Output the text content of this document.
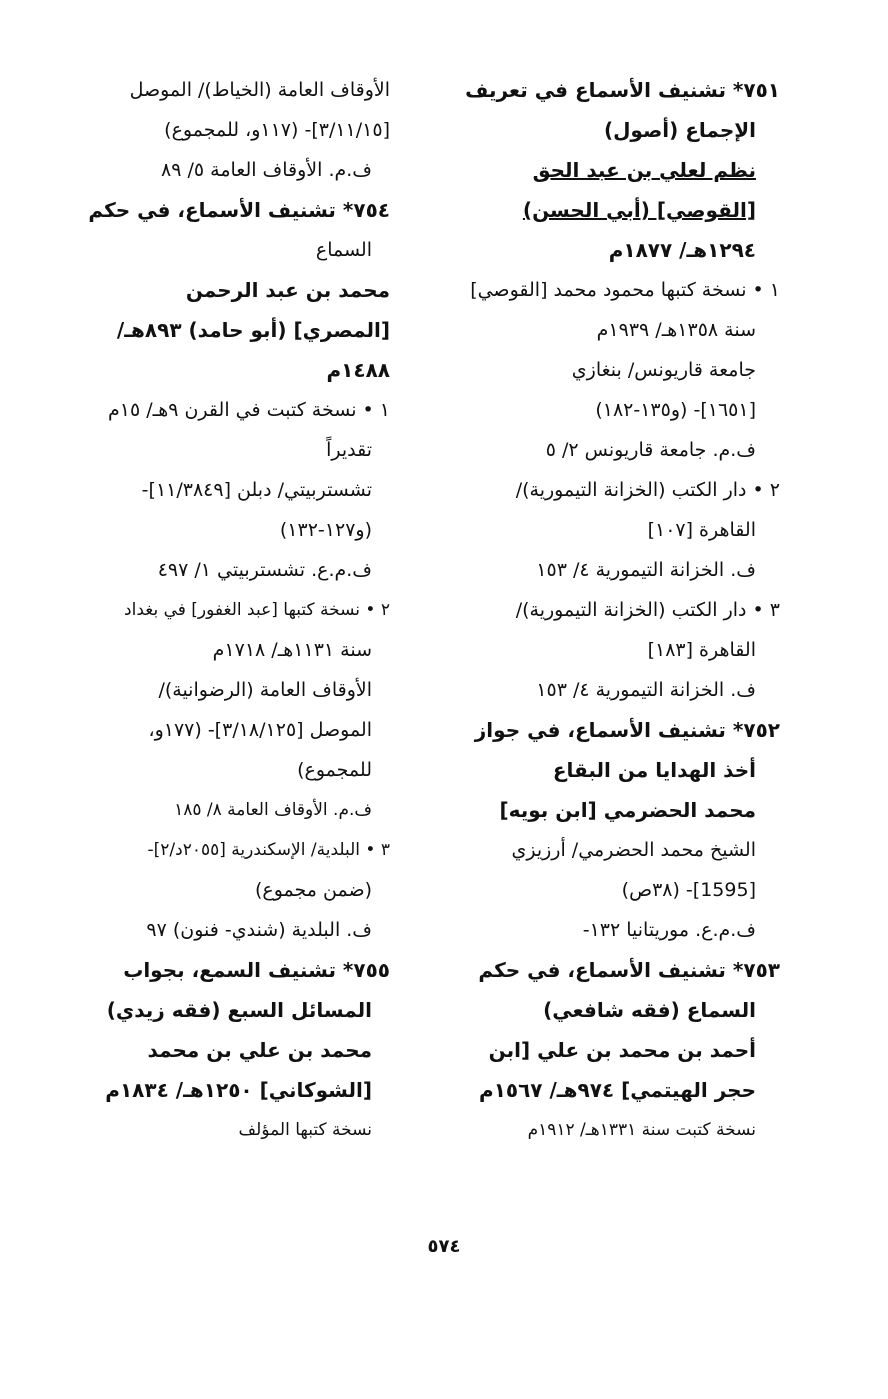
٧٥١* تشنيف الأسماع في تعريف
الإجماع (أصول)
نظم لعلي بن عبد الحق
[القوصي] (أبي الحسن)
١٢٩٤هـ/ ١٨٧٧م
١ • نسخة كتبها محمود محمد [القوصي]
سنة ١٣٥٨هـ/ ١٩٣٩م
جامعة قاريونس/ بنغازي
[١٦٥١]- (و١٣٥-١٨٢)
ف.م. جامعة قاريونس ٢/ ٥
٢ • دار الكتب (الخزانة التيمورية)/
القاهرة [١٠٧]
ف. الخزانة التيمورية ٤/ ١٥٣
٣ • دار الكتب (الخزانة التيمورية)/
القاهرة [١٨٣]
ف. الخزانة التيمورية ٤/ ١٥٣
٧٥٢* تشنيف الأسماع، في جواز
أخذ الهدايا من البقاع
محمد الحضرمي [ابن بويه]
الشيخ محمد الحضرمي/ أرزيزي
[1595]- (٣٨ص)
ف.م.ع. موريتانيا ١٣٢-
٧٥٣* تشنيف الأسماع، في حكم
السماع (فقه شافعي)
أحمد بن محمد بن علي [ابن
حجر الهيتمي] ٩٧٤هـ/ ١٥٦٧م
نسخة كتبت سنة ١٣٣١هـ/ ١٩١٢م
الأوقاف العامة (الخياط)/ الموصل
[٣/١١/١٥]- (١١٧و، للمجموع)
ف.م. الأوقاف العامة ٥/ ٨٩
٧٥٤* تشنيف الأسماع، في حكم
السماع
محمد بن عبد الرحمن
[المصري] (أبو حامد) ٨٩٣هـ/
١٤٨٨م
١ • نسخة كتبت في القرن ٩هـ/ ١٥م
تقديراً
تشستربيتي/ دبلن [١١/٣٨٤٩]-
(و١٢٧-١٣٢)
ف.م.ع. تشستربيتي ١/ ٤٩٧
٢ • نسخة كتبها [عبد الغفور] في بغداد
سنة ١١٣١هـ/ ١٧١٨م
الأوقاف العامة (الرضوانية)/
الموصل [٣/١٨/١٢٥]- (١٧٧و،
للمجموع)
ف.م. الأوقاف العامة ٨/ ١٨٥
٣ • البلدية/ الإسكندرية [٢٠٥٥د/٢]-
(ضمن مجموع)
ف. البلدية (شندي- فنون) ٩٧
٧٥٥* تشنيف السمع، بجواب
المسائل السبع (فقه زيدي)
محمد بن علي بن محمد
[الشوكاني] ١٢٥٠هـ/ ١٨٣٤م
نسخة كتبها المؤلف
٥٧٤
